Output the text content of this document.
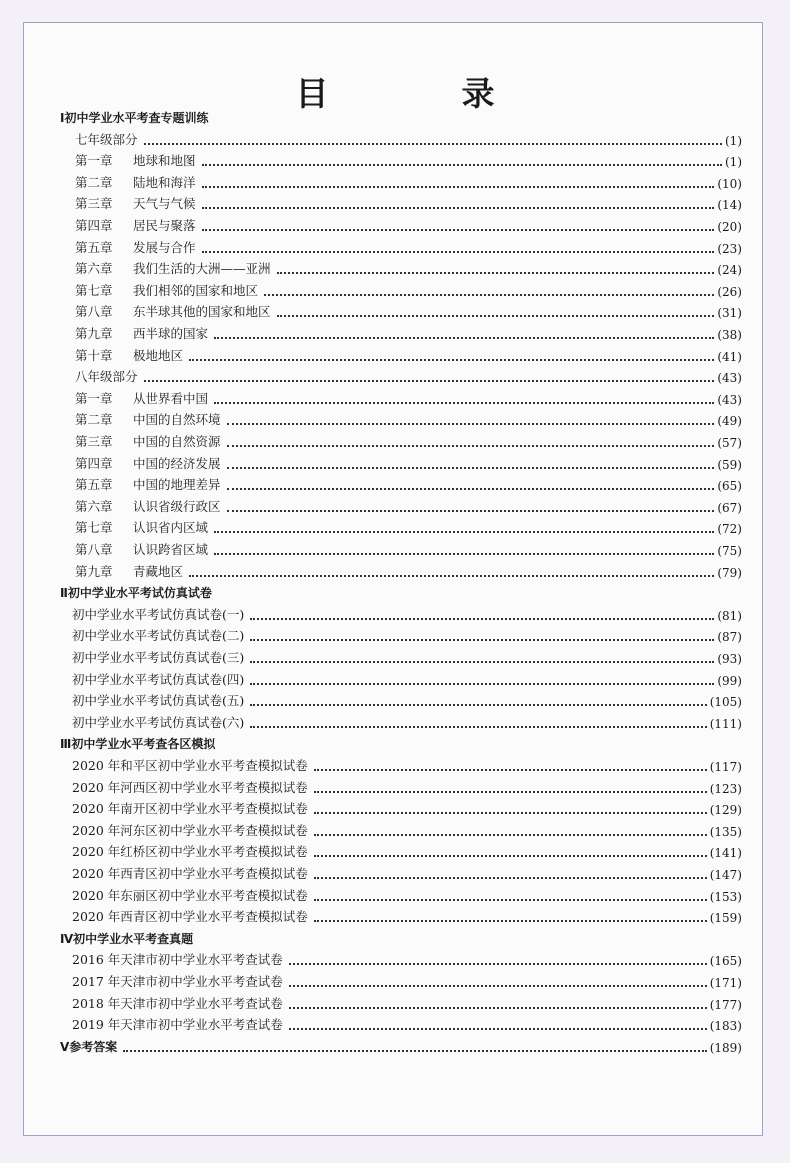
目　录
Ⅰ初中学业水平考查专题训练
七年级部分	(1)
第一章 地球和地图	(1)
第二章 陆地和海洋	(10)
第三章 天气与气候	(14)
第四章 居民与聚落	(20)
第五章 发展与合作	(23)
第六章 我们生活的大洲——亚洲	(24)
第七章 我们相邻的国家和地区	(26)
第八章 东半球其他的国家和地区	(31)
第九章 西半球的国家	(38)
第十章 极地地区	(41)
八年级部分	(43)
第一章 从世界看中国	(43)
第二章 中国的自然环境	(49)
第三章 中国的自然资源	(57)
第四章 中国的经济发展	(59)
第五章 中国的地理差异	(65)
第六章 认识省级行政区	(67)
第七章 认识省内区域	(72)
第八章 认识跨省区域	(75)
第九章 青藏地区	(79)
Ⅱ初中学业水平考试仿真试卷
初中学业水平考试仿真试卷(一)	(81)
初中学业水平考试仿真试卷(二)	(87)
初中学业水平考试仿真试卷(三)	(93)
初中学业水平考试仿真试卷(四)	(99)
初中学业水平考试仿真试卷(五)	(105)
初中学业水平考试仿真试卷(六)	(111)
Ⅲ初中学业水平考查各区模拟
2020 年和平区初中学业水平考查模拟试卷	(117)
2020 年河西区初中学业水平考查模拟试卷	(123)
2020 年南开区初中学业水平考查模拟试卷	(129)
2020 年河东区初中学业水平考查模拟试卷	(135)
2020 年红桥区初中学业水平考查模拟试卷	(141)
2020 年西青区初中学业水平考查模拟试卷	(147)
2020 年东丽区初中学业水平考查模拟试卷	(153)
2020 年西青区初中学业水平考查模拟试卷	(159)
Ⅳ初中学业水平考查真题
2016 年天津市初中学业水平考查试卷	(165)
2017 年天津市初中学业水平考查试卷	(171)
2018 年天津市初中学业水平考查试卷	(177)
2019 年天津市初中学业水平考查试卷	(183)
Ⅴ参考答案	(189)
